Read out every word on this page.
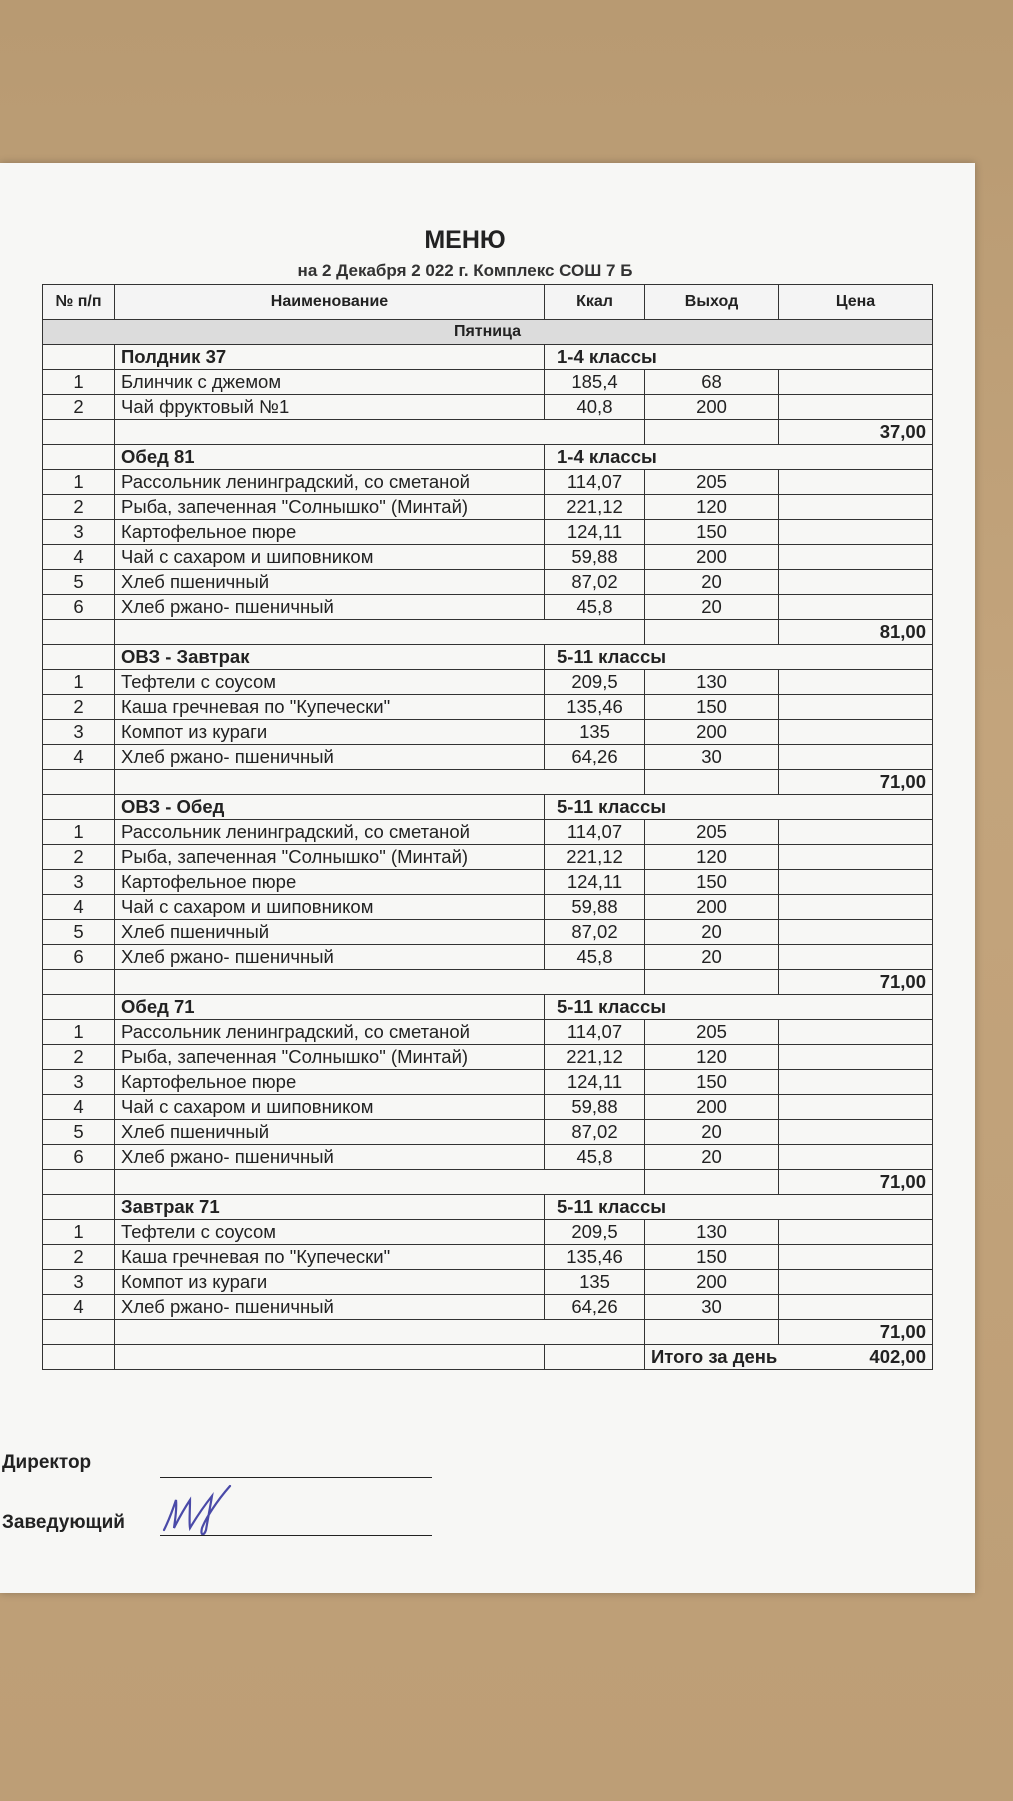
МЕНЮ
на 2 Декабря 2 022 г. Комплекс СОШ 7 Б
№ п/п	Наименование	Ккал	Выход	Цена
Пятница				
	Полдник 37	1-4 классы		
1	Блинчик с джемом	185,4	68	
2	Чай фруктовый №1	40,8	200	
				37,00
	Обед 81	1-4 классы		
1	Рассольник ленинградский, со сметаной	114,07	205	
2	Рыба, запеченная "Солнышко" (Минтай)	221,12	120	
3	Картофельное пюре	124,11	150	
4	Чай с сахаром и шиповником	59,88	200	
5	Хлеб пшеничный	87,02	20	
6	Хлеб ржано- пшеничный	45,8	20	
				81,00
	ОВЗ - Завтрак	5-11 классы		
1	Тефтели с соусом	209,5	130	
2	Каша гречневая по "Купечески"	135,46	150	
3	Компот из кураги	135	200	
4	Хлеб ржано- пшеничный	64,26	30	
				71,00
	ОВЗ - Обед	5-11 классы		
1	Рассольник ленинградский, со сметаной	114,07	205	
2	Рыба, запеченная "Солнышко" (Минтай)	221,12	120	
3	Картофельное пюре	124,11	150	
4	Чай с сахаром и шиповником	59,88	200	
5	Хлеб пшеничный	87,02	20	
6	Хлеб ржано- пшеничный	45,8	20	
				71,00
	Обед 71	5-11 классы		
1	Рассольник ленинградский, со сметаной	114,07	205	
2	Рыба, запеченная "Солнышко" (Минтай)	221,12	120	
3	Картофельное пюре	124,11	150	
4	Чай с сахаром и шиповником	59,88	200	
5	Хлеб пшеничный	87,02	20	
6	Хлеб ржано- пшеничный	45,8	20	
				71,00
	Завтрак 71	5-11 классы		
1	Тефтели с соусом	209,5	130	
2	Каша гречневая по "Купечески"	135,46	150	
3	Компот из кураги	135	200	
4	Хлеб ржано- пшеничный	64,26	30	
				71,00

			Итого за день 402,00	
Директор
Заведующий
